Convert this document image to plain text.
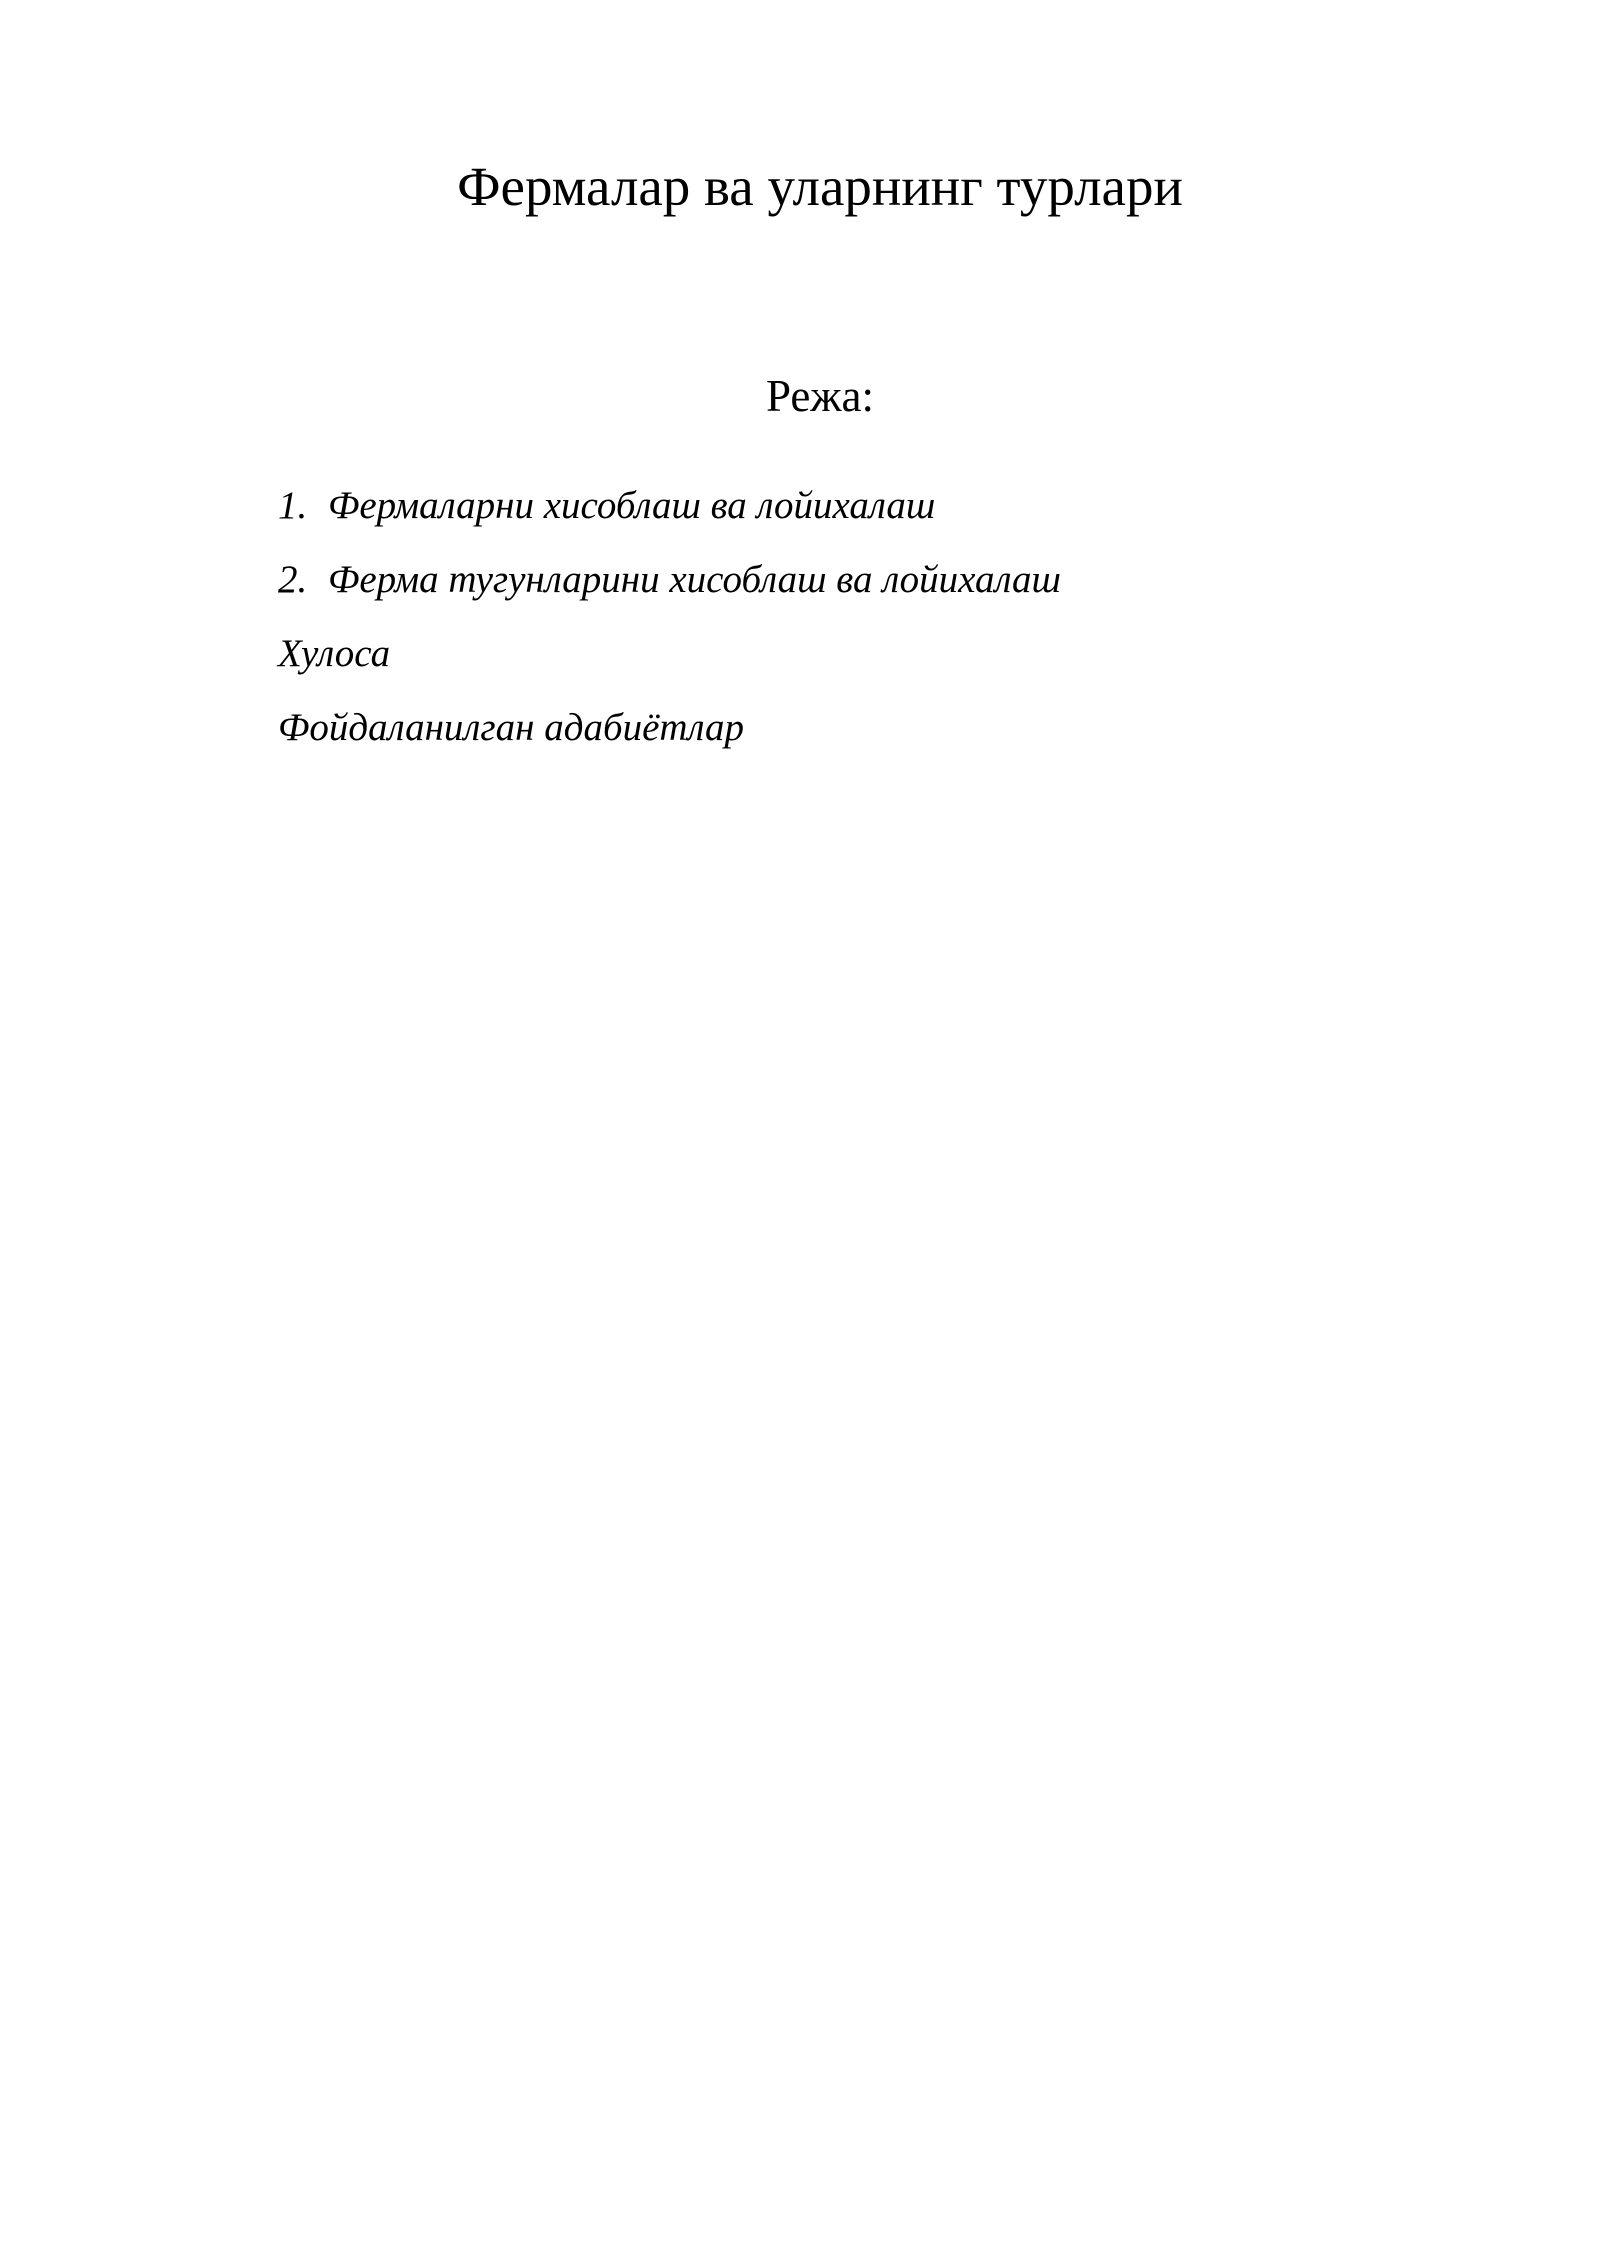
Фермалар ва уларнинг турлари
Режа:
1. Фермаларни хисоблаш ва лойихалаш
2. Ферма тугунларини хисоблаш ва лойихалаш
Хулоса
Фойдаланилган адабиётлар
